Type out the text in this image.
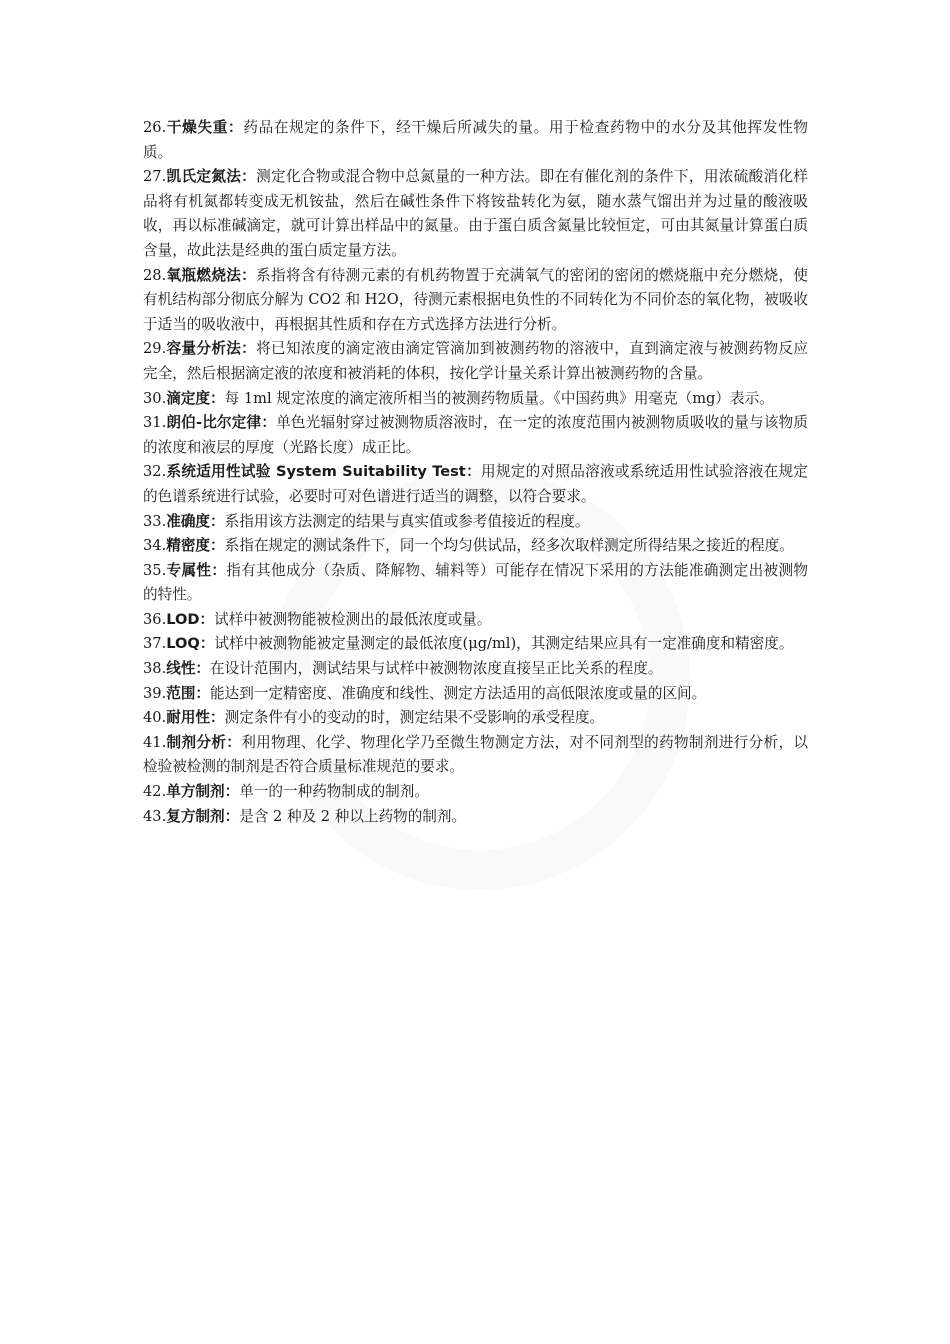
26.干燥失重：药品在规定的条件下，经干燥后所减失的量。用于检查药物中的水分及其他挥发性物质。

27.凯氏定氮法：测定化合物或混合物中总氮量的一种方法。即在有催化剂的条件下，用浓硫酸消化样品将有机氮都转变成无机铵盐，然后在碱性条件下将铵盐转化为氨，随水蒸气馏出并为过量的酸液吸收，再以标准碱滴定，就可计算出样品中的氮量。由于蛋白质含氮量比较恒定，可由其氮量计算蛋白质含量，故此法是经典的蛋白质定量方法。

28.氧瓶燃烧法：系指将含有待测元素的有机药物置于充满氧气的密闭的密闭的燃烧瓶中充分燃烧，使有机结构部分彻底分解为 CO2 和 H2O，待测元素根据电负性的不同转化为不同价态的氧化物，被吸收于适当的吸收液中，再根据其性质和存在方式选择方法进行分析。

29.容量分析法：将已知浓度的滴定液由滴定管滴加到被测药物的溶液中，直到滴定液与被测药物反应完全，然后根据滴定液的浓度和被消耗的体积，按化学计量关系计算出被测药物的含量。

30.滴定度：每 1ml 规定浓度的滴定液所相当的被测药物质量。《中国药典》用毫克（mg）表示。

31.朗伯-比尔定律：单色光辐射穿过被测物质溶液时，在一定的浓度范围内被测物质吸收的量与该物质的浓度和液层的厚度（光路长度）成正比。

32.系统适用性试验 System Suitability Test：用规定的对照品溶液或系统适用性试验溶液在规定的色谱系统进行试验，必要时可对色谱进行适当的调整，以符合要求。

33.准确度：系指用该方法测定的结果与真实值或参考值接近的程度。

34.精密度：系指在规定的测试条件下，同一个均匀供试品，经多次取样测定所得结果之接近的程度。

35.专属性：指有其他成分（杂质、降解物、辅料等）可能存在情况下采用的方法能准确测定出被测物的特性。

36.LOD：试样中被测物能被检测出的最低浓度或量。

37.LOQ：试样中被测物能被定量测定的最低浓度(μg/ml)，其测定结果应具有一定准确度和精密度。

38.线性：在设计范围内，测试结果与试样中被测物浓度直接呈正比关系的程度。

39.范围：能达到一定精密度、准确度和线性、测定方法适用的高低限浓度或量的区间。

40.耐用性：测定条件有小的变动的时，测定结果不受影响的承受程度。

41.制剂分析：利用物理、化学、物理化学乃至微生物测定方法，对不同剂型的药物制剂进行分析，以检验被检测的制剂是否符合质量标准规范的要求。

42.单方制剂：单一的一种药物制成的制剂。

43.复方制剂：是含 2 种及 2 种以上药物的制剂。
